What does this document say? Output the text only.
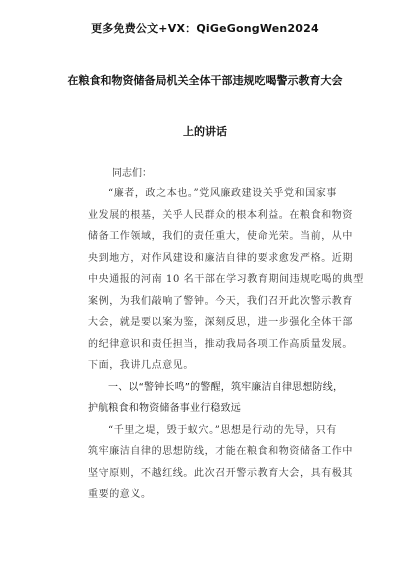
更多免费公文+VX：QiGeGongWen2024
在粮食和物资储备局机关全体干部违规吃喝警示教育大会
上的讲话
同志们：
“廉者，政之本也。”党风廉政建设关乎党和国家事
业发展的根基，关乎人民群众的根本利益。在粮食和物资
储备工作领域，我们的责任重大，使命光荣。当前，从中
央到地方，对作风建设和廉洁自律的要求愈发严格。近期
中央通报的河南 10 名干部在学习教育期间违规吃喝的典型
案例，为我们敲响了警钟。今天，我们召开此次警示教育
大会，就是要以案为鉴，深刻反思，进一步强化全体干部
的纪律意识和责任担当，推动我局各项工作高质量发展。
下面，我讲几点意见。
一、以“警钟长鸣”的警醒，筑牢廉洁自律思想防线，
护航粮食和物资储备事业行稳致远
“千里之堤，毁于蚁穴。”思想是行动的先导，只有
筑牢廉洁自律的思想防线，才能在粮食和物资储备工作中
坚守原则，不越红线。此次召开警示教育大会，具有极其
重要的意义。
